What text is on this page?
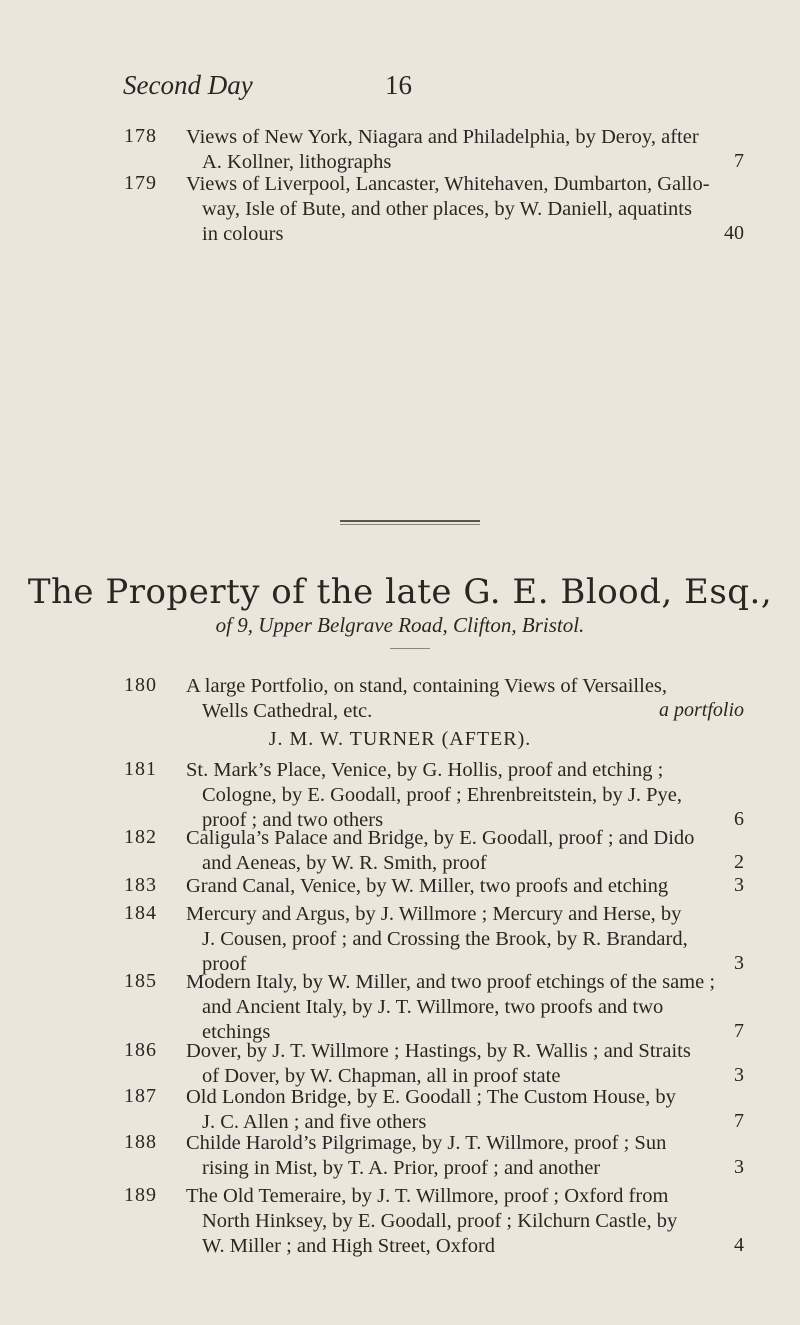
Second Day	16
178 Views of New York, Niagara and Philadelphia, by Deroy, after
A. Kollner, lithographs	7
179 Views of Liverpool, Lancaster, Whitehaven, Dumbarton, Gallo-
way, Isle of Bute, and other places, by W. Daniell, aquatints
in colours	40
The Property of the late G. E. Blood, Esq.,
of 9, Upper Belgrave Road, Clifton, Bristol.
180 A large Portfolio, on stand, containing Views of Versailles,
Wells Cathedral, etc.	a portfolio
J. M. W. TURNER (AFTER).
181 St. Mark’s Place, Venice, by G. Hollis, proof and etching ;
Cologne, by E. Goodall, proof ; Ehrenbreitstein, by J. Pye,
proof ; and two others	6
182 Caligula’s Palace and Bridge, by E. Goodall, proof ; and Dido
and Aeneas, by W. R. Smith, proof	2
183 Grand Canal, Venice, by W. Miller, two proofs and etching	3
184 Mercury and Argus, by J. Willmore ; Mercury and Herse, by
J. Cousen, proof ; and Crossing the Brook, by R. Brandard,
proof	3
185 Modern Italy, by W. Miller, and two proof etchings of the same ;
and Ancient Italy, by J. T. Willmore, two proofs and two
etchings	7
186 Dover, by J. T. Willmore ; Hastings, by R. Wallis ; and Straits
of Dover, by W. Chapman, all in proof state	3
187 Old London Bridge, by E. Goodall ; The Custom House, by
J. C. Allen ; and five others	7
188 Childe Harold’s Pilgrimage, by J. T. Willmore, proof ; Sun
rising in Mist, by T. A. Prior, proof ; and another	3
189 The Old Temeraire, by J. T. Willmore, proof ; Oxford from
North Hinksey, by E. Goodall, proof ; Kilchurn Castle, by
W. Miller ; and High Street, Oxford	4
